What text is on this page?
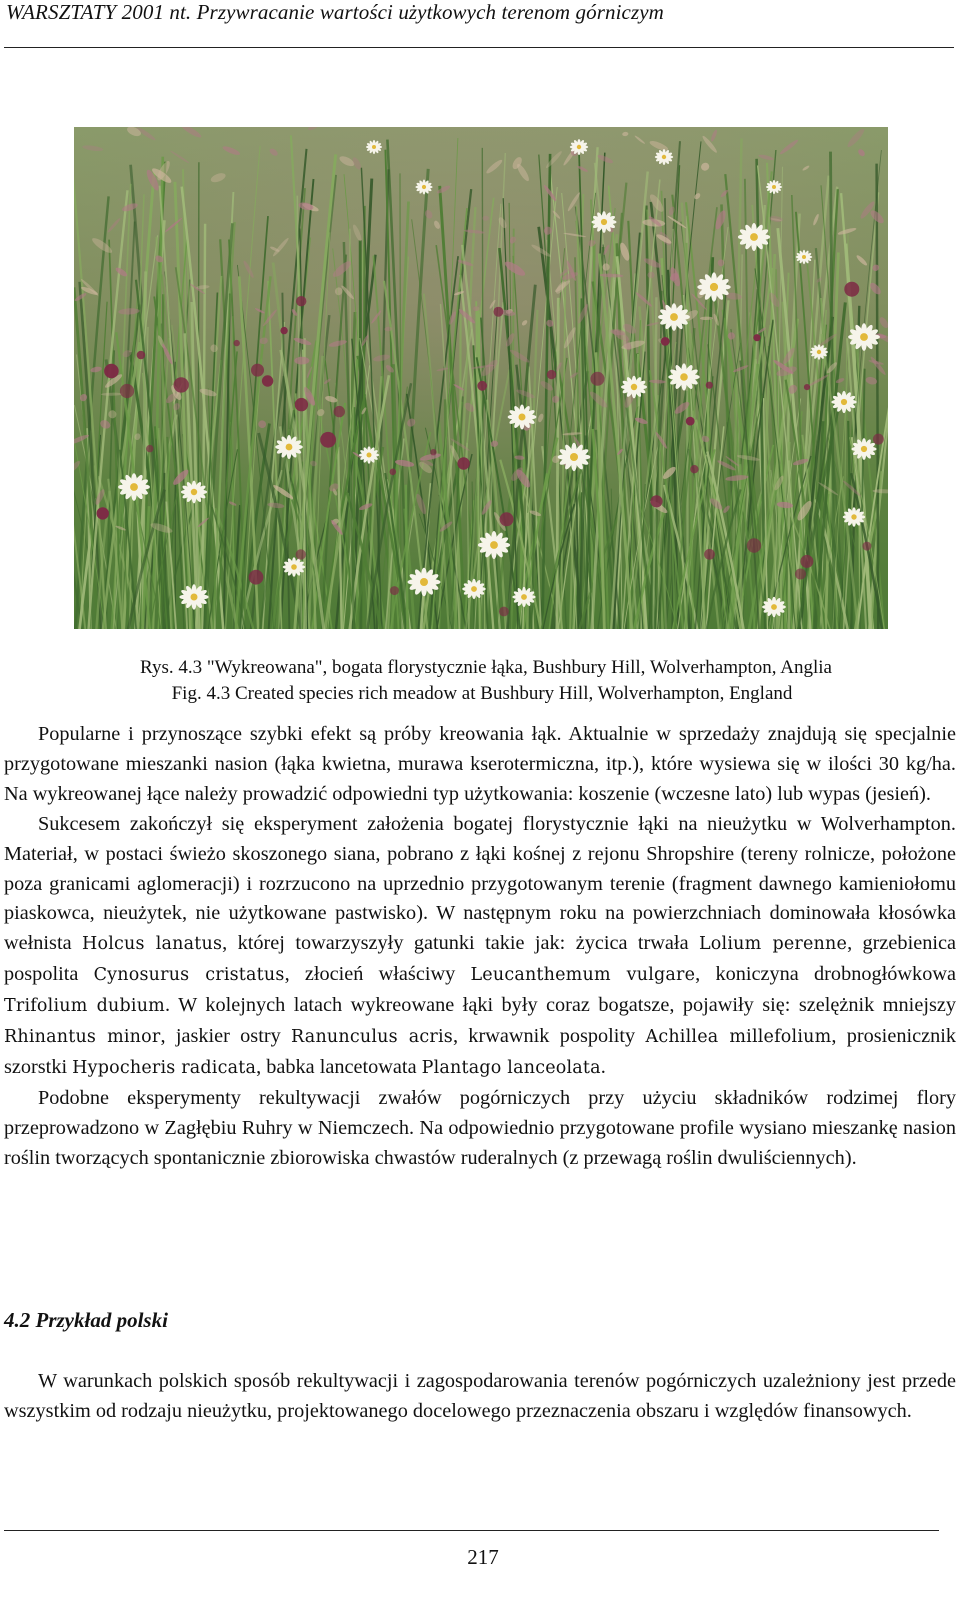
WARSZTATY 2001 nt. Przywracanie wartości użytkowych terenom górniczym
Rys. 4.3 "Wykreowana", bogata florystycznie łąka, Bushbury Hill, Wolverhampton, Anglia
Fig. 4.3 Created species rich meadow at Bushbury Hill, Wolverhampton, England

Popularne i przynoszące szybki efekt są próby kreowania łąk. Aktualnie w sprzedaży znajdują się specjalnie przygotowane mieszanki nasion (łąka kwietna, murawa kserotermiczna, itp.), które wysiewa się w ilości 30 kg/ha. Na wykreowanej łące należy prowadzić odpowiedni typ użytkowania: koszenie (wczesne lato) lub wypas (jesień).

Sukcesem zakończył się eksperyment założenia bogatej florystycznie łąki na nieużytku w Wolverhampton. Materiał, w postaci świeżo skoszonego siana, pobrano z łąki kośnej z rejonu Shropshire (tereny rolnicze, położone poza granicami aglomeracji) i rozrzucono na uprzednio przygotowanym terenie (fragment dawnego kamieniołomu piaskowca, nieużytek, nie użytkowane pastwisko). W następnym roku na powierzchniach dominowała kłosówka wełnista Holcus lanatus, której towarzyszyły gatunki takie jak: życica trwała Lolium perenne, grzebienica pospolita Cynosurus cristatus, złocień właściwy Leucanthemum vulgare, koniczyna drobnogłówkowa Trifolium dubium. W kolejnych latach wykreowane łąki były coraz bogatsze, pojawiły się: szelężnik mniejszy Rhinantus minor, jaskier ostry Ranunculus acris, krwawnik pospolity Achillea millefolium, prosienicznik szorstki Hypocheris radicata, babka lancetowata Plantago lanceolata.

Podobne eksperymenty rekultywacji zwałów pogórniczych przy użyciu składników rodzimej flory przeprowadzono w Zagłębiu Ruhry w Niemczech. Na odpowiednio przygotowane profile wysiano mieszankę nasion roślin tworzących spontanicznie zbiorowiska chwastów ruderalnych (z przewagą roślin dwuliściennych).

4.2 Przykład polski

W warunkach polskich sposób rekultywacji i zagospodarowania terenów pogórniczych uzależniony jest przede wszystkim od rodzaju nieużytku, projektowanego docelowego przeznaczenia obszaru i względów finansowych.

217
